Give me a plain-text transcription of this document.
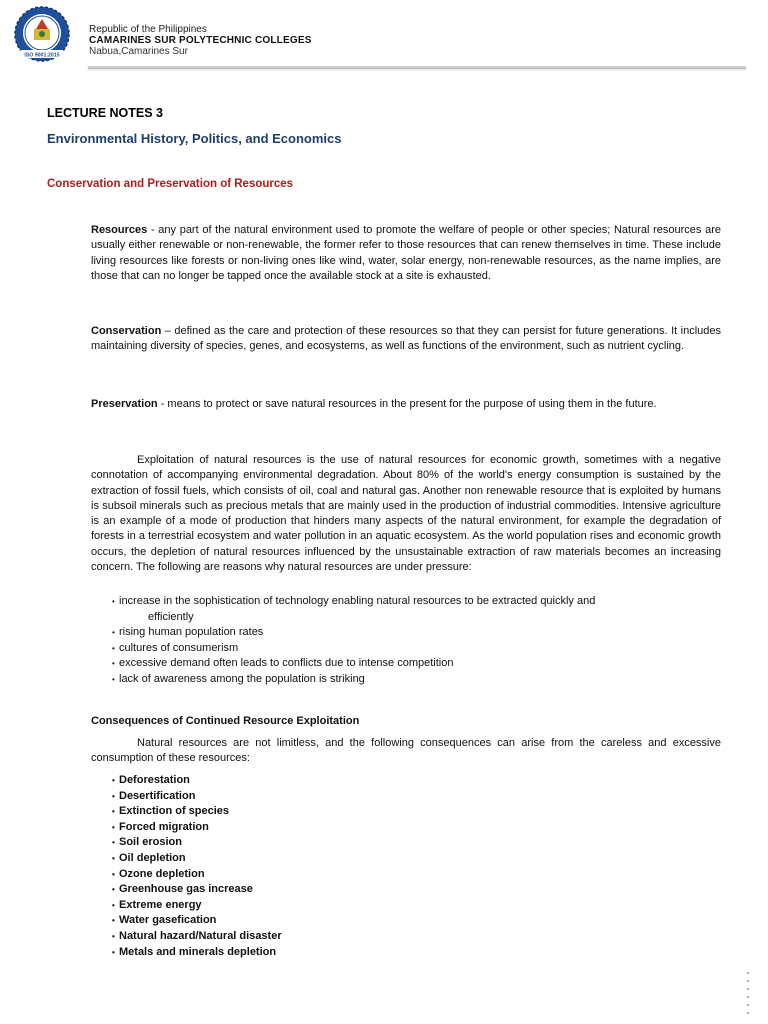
ISO 9001:2015
Republic of the Philippines
CAMARINES SUR POLYTECHNIC COLLEGES
Nabua,Camarines Sur
LECTURE NOTES 3
Environmental History, Politics, and Economics
Conservation and Preservation of Resources
Resources - any part of the natural environment used to promote the welfare of people or other species; Natural resources are usually either renewable or non-renewable, the former refer to those resources that can renew themselves in time. These include living resources like forests or non-living ones like wind, water, solar energy, non-renewable resources, as the name implies, are those that can no longer be tapped once the available stock at a site is exhausted.
Conservation – defined as the care and protection of these resources so that they can persist for future generations. It includes maintaining diversity of species, genes, and ecosystems, as well as functions of the environment, such as nutrient cycling.
Preservation - means to protect or save natural resources in the present for the purpose of using them in the future.
Exploitation of natural resources is the use of natural resources for economic growth, sometimes with a negative connotation of accompanying environmental degradation. About 80% of the world's energy consumption is sustained by the extraction of fossil fuels, which consists of oil, coal and natural gas. Another non renewable resource that is exploited by humans is subsoil minerals such as precious metals that are mainly used in the production of industrial commodities. Intensive agriculture is an example of a mode of production that hinders many aspects of the natural environment, for example the degradation of forests in a terrestrial ecosystem and water pollution in an aquatic ecosystem. As the world population rises and economic growth occurs, the depletion of natural resources influenced by the unsustainable extraction of raw materials becomes an increasing concern. The following are reasons why natural resources are under pressure:
• increase in the sophistication of technology enabling natural resources to be extracted quickly and
efficiently
• rising human population rates
• cultures of consumerism
• excessive demand often leads to conflicts due to intense competition
• lack of awareness among the population is striking
Consequences of Continued Resource Exploitation
Natural resources are not limitless, and the following consequences can arise from the careless and excessive consumption of these resources:
• Deforestation
• Desertification
• Extinction of species
• Forced migration
• Soil erosion
• Oil depletion
• Ozone depletion
• Greenhouse gas increase
• Extreme energy
• Water gasefication
• Natural hazard/Natural disaster
• Metals and minerals depletion
